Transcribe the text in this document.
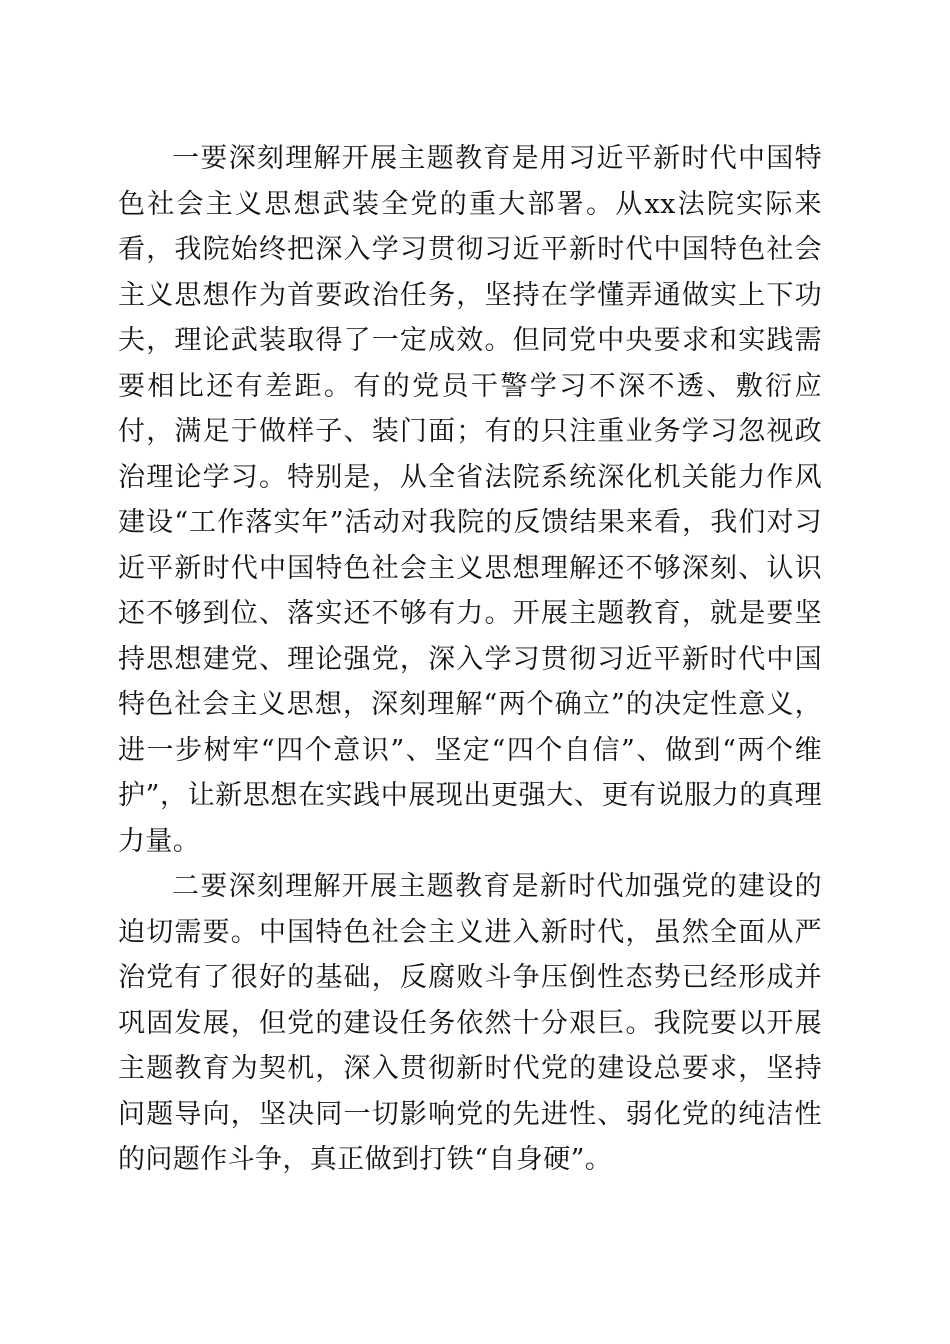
一要深刻理解开展主题教育是用习近平新时代中国特色社会主义思想武装全党的重大部署。从xx法院实际来看，我院始终把深入学习贯彻习近平新时代中国特色社会主义思想作为首要政治任务，坚持在学懂弄通做实上下功夫，理论武装取得了一定成效。但同党中央要求和实践需要相比还有差距。有的党员干警学习不深不透、敷衍应付，满足于做样子、装门面；有的只注重业务学习忽视政治理论学习。特别是，从全省法院系统深化机关能力作风建设“工作落实年”活动对我院的反馈结果来看，我们对习近平新时代中国特色社会主义思想理解还不够深刻、认识还不够到位、落实还不够有力。开展主题教育，就是要坚持思想建党、理论强党，深入学习贯彻习近平新时代中国特色社会主义思想，深刻理解“两个确立”的决定性意义，进一步树牢“四个意识”、坚定“四个自信”、做到“两个维护”，让新思想在实践中展现出更强大、更有说服力的真理力量。

二要深刻理解开展主题教育是新时代加强党的建设的迫切需要。中国特色社会主义进入新时代，虽然全面从严治党有了很好的基础，反腐败斗争压倒性态势已经形成并巩固发展，但党的建设任务依然十分艰巨。我院要以开展主题教育为契机，深入贯彻新时代党的建设总要求，坚持问题导向，坚决同一切影响党的先进性、弱化党的纯洁性的问题作斗争，真正做到打铁“自身硬”。
